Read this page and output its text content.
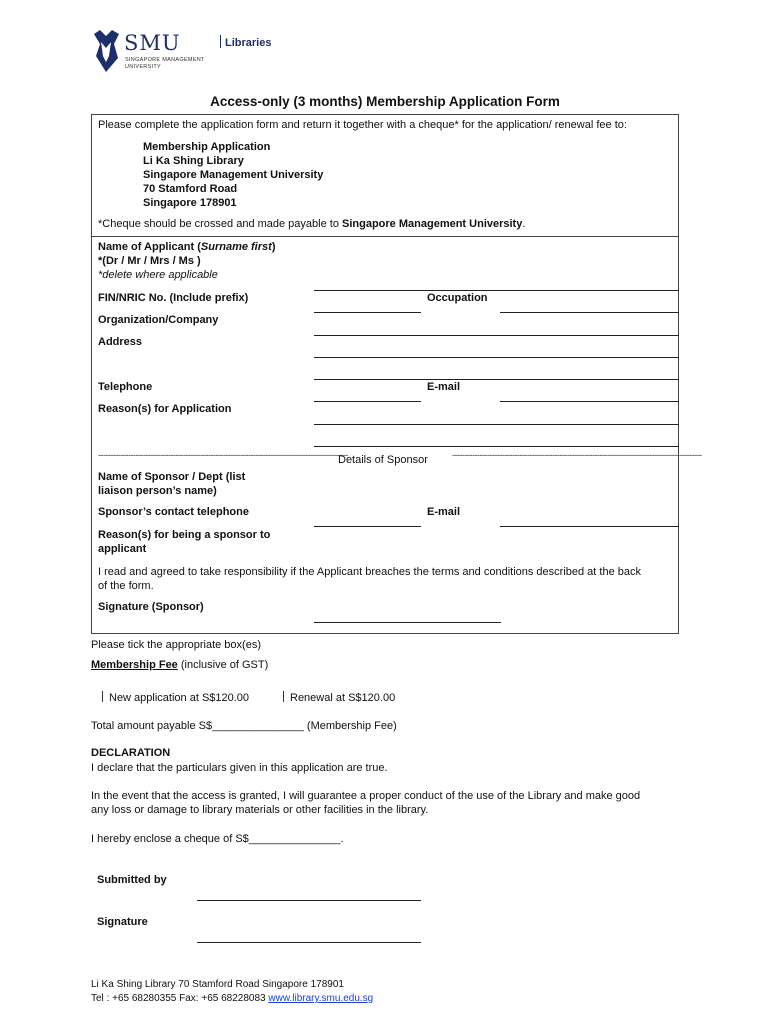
SMU
SINGAPORE MANAGEMENT
UNIVERSITY
Libraries
Access-only (3 months) Membership Application Form
Please complete the application form and return it together with a cheque* for the application/ renewal fee to:
Membership Application
Li Ka Shing Library
Singapore Management University
70 Stamford Road
Singapore 178901
*Cheque should be crossed and made payable to Singapore Management University.
Name of Applicant (Surname first)
*(Dr / Mr / Mrs / Ms )
*delete where applicable
FIN/NRIC No. (Include prefix)	Occupation
Organization/Company
Address
Telephone	E-mail
Reason(s) for Application
----------------------------------------------------------------------------------------------------
Details of Sponsor	----------------------------------------------------------------------------------------------------
Name of Sponsor / Dept (list
liaison person’s name)
Sponsor’s contact telephone	E-mail
Reason(s) for being a sponsor to
applicant
I read and agreed to take responsibility if the Applicant breaches the terms and conditions described at the back
of the form.
Signature (Sponsor)
Please tick the appropriate box(es)
Membership Fee (inclusive of GST)
New application at S$120.00	Renewal at S$120.00
Total amount payable S$_______________ (Membership Fee)
DECLARATION
I declare that the particulars given in this application are true.
In the event that the access is granted, I will guarantee a proper conduct of the use of the Library and make good
any loss or damage to library materials or other facilities in the library.
I hereby enclose a cheque of S$_______________.
Submitted by
Signature
Li Ka Shing Library 70 Stamford Road Singapore 178901
Tel : +65 68280355 Fax: +65 68228083 www.library.smu.edu.sg
